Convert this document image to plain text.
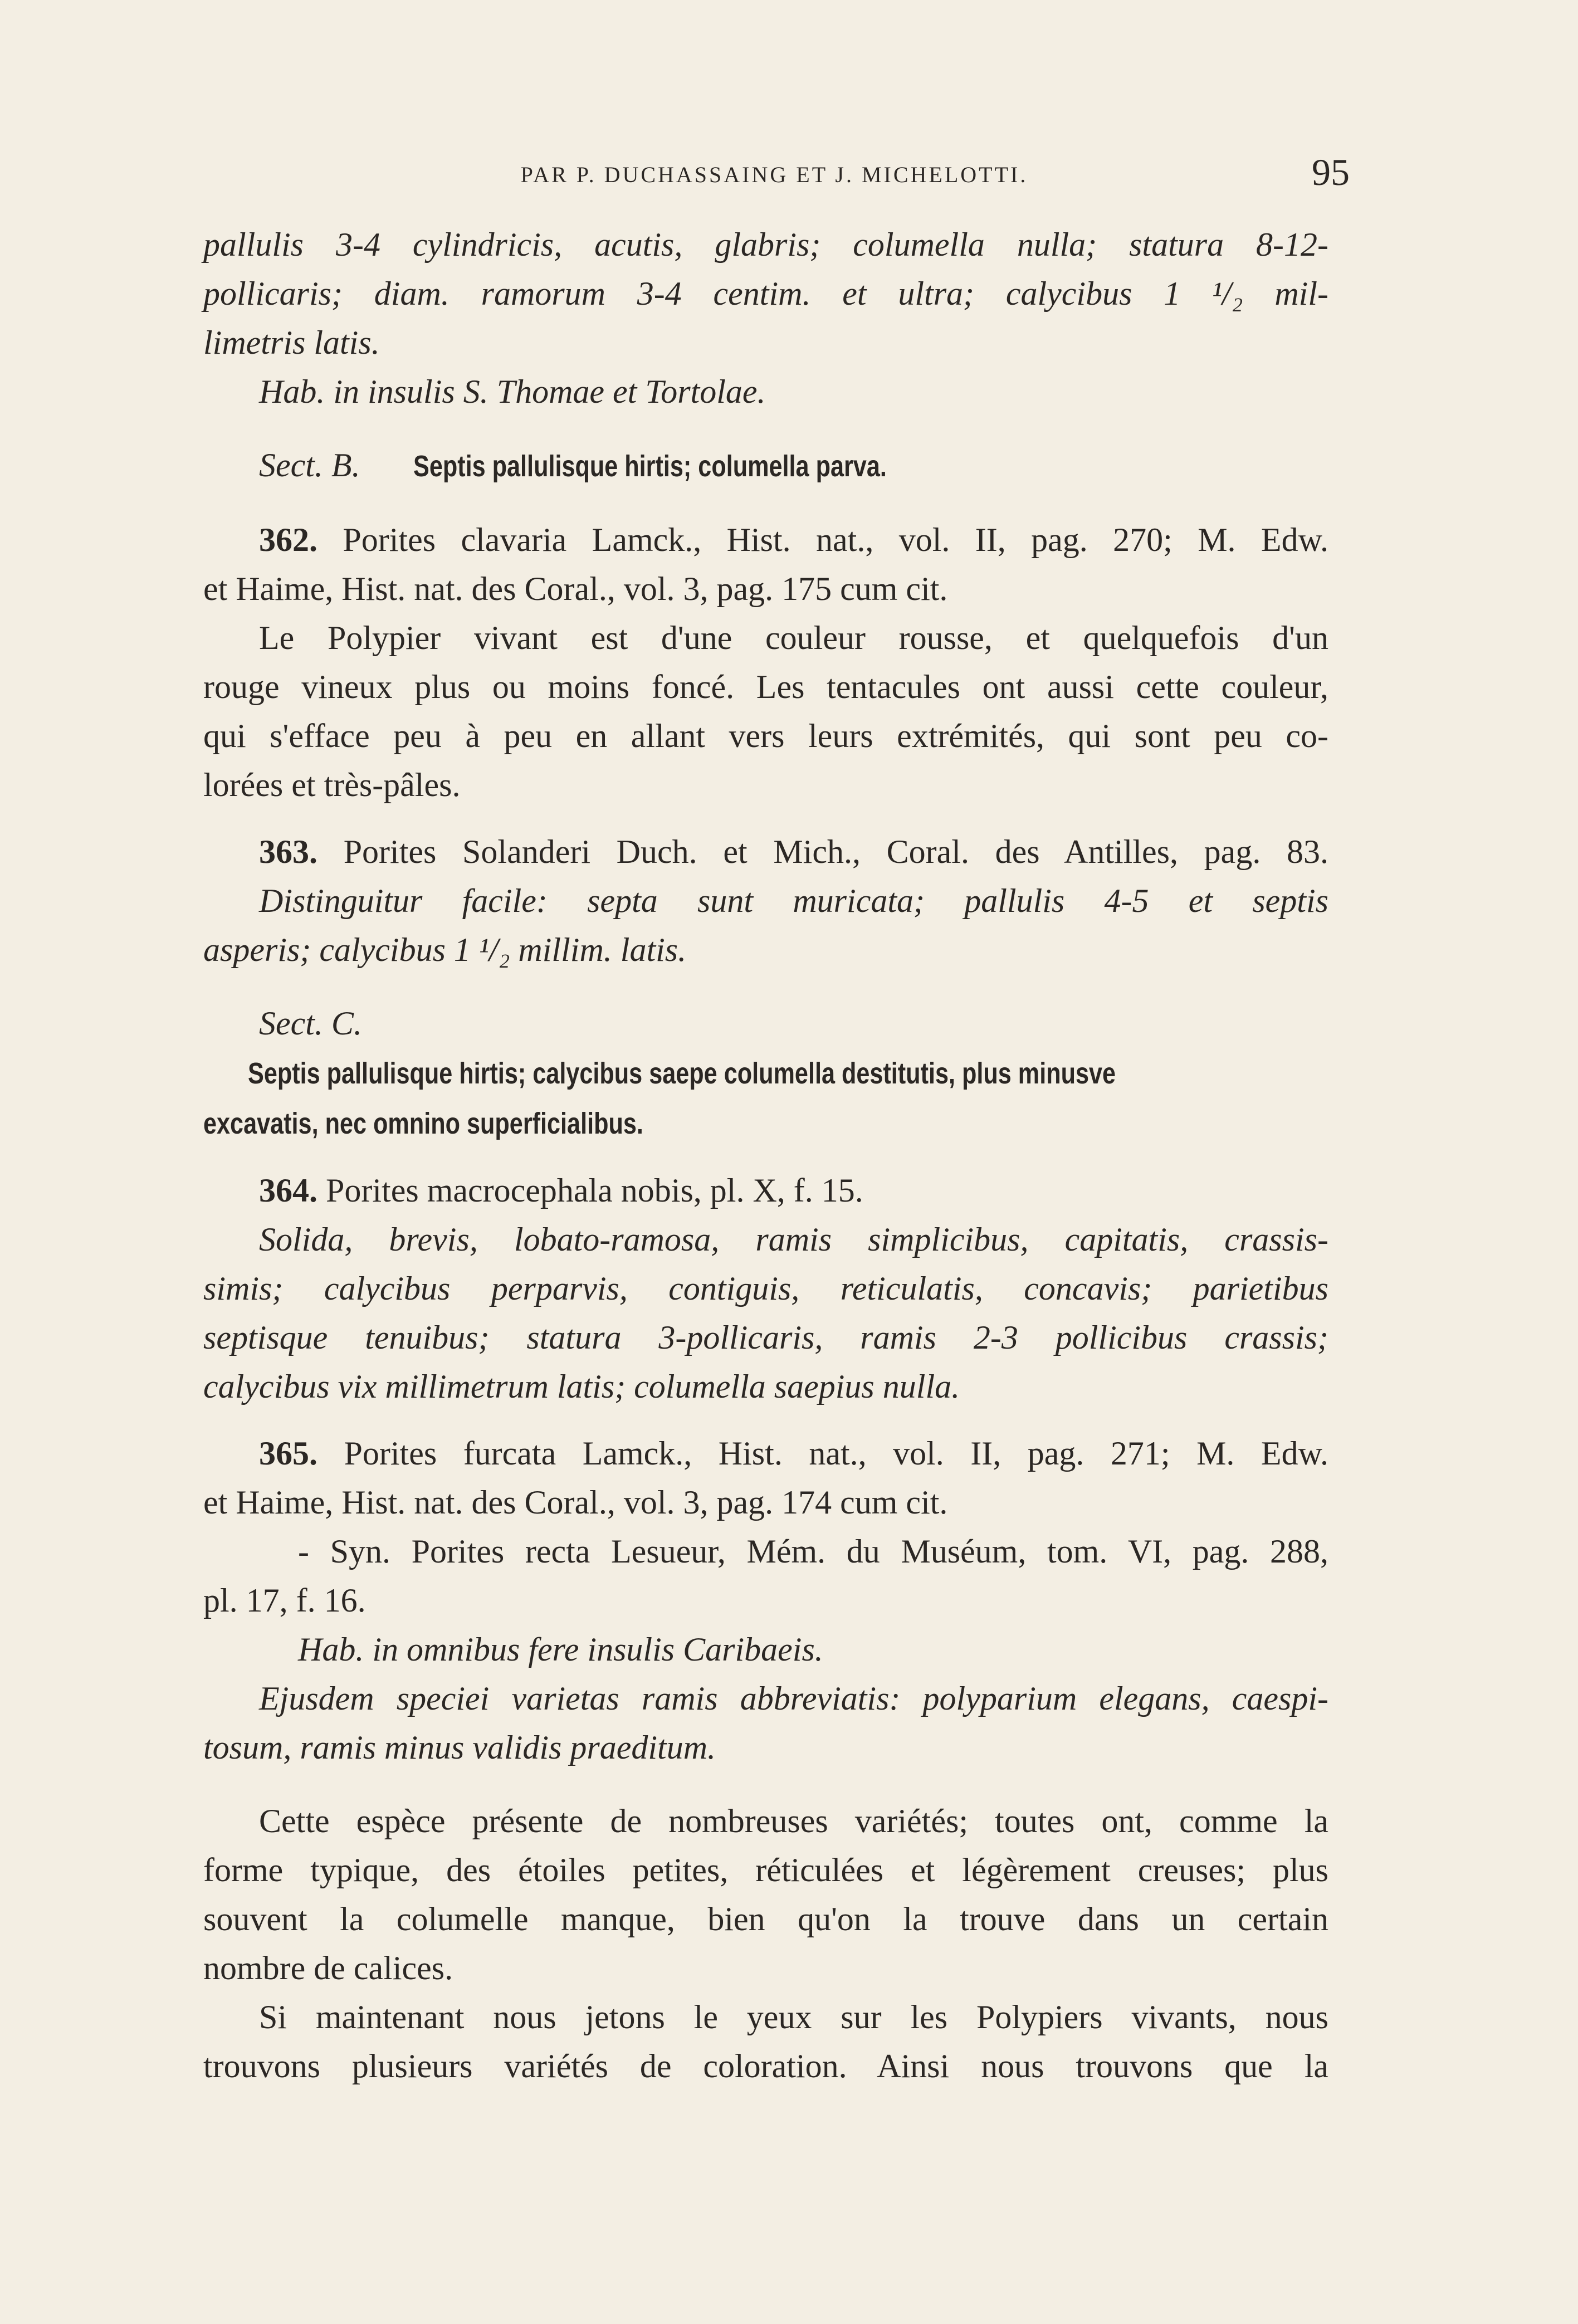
PAR P. DUCHASSAING ET J. MICHELOTTI.	95

pallulis 3-4 cylindricis, acutis, glabris; columella nulla; statura 8-12-

pollicaris; diam. ramorum 3-4 centim. et ultra; calycibus 1 ¹/₂ mil-

limetris latis.

Hab. in insulis S. Thomae et Tortolae.

Sect. B. Septis pallulisque hirtis; columella parva.

362. Porites clavaria Lamck., Hist. nat., vol. II, pag. 270; M. Edw.

et Haime, Hist. nat. des Coral., vol. 3, pag. 175 cum cit.

Le Polypier vivant est d'une couleur rousse, et quelquefois d'un

rouge vineux plus ou moins foncé. Les tentacules ont aussi cette couleur,

qui s'efface peu à peu en allant vers leurs extrémités, qui sont peu co-

lorées et très-pâles.

363. Porites Solanderi Duch. et Mich., Coral. des Antilles, pag. 83.

Distinguitur facile: septa sunt muricata; pallulis 4-5 et septis

asperis; calycibus 1 ¹/₂ millim. latis.

Sect. C. Septis pallulisque hirtis; calycibus saepe columella destitutis, plus minusve

excavatis, nec omnino superficialibus.

364. Porites macrocephala nobis, pl. X, f. 15.

Solida, brevis, lobato-ramosa, ramis simplicibus, capitatis, crassis-

simis; calycibus perparvis, contiguis, reticulatis, concavis; parietibus

septisque tenuibus; statura 3-pollicaris, ramis 2-3 pollicibus crassis;

calycibus vix millimetrum latis; columella saepius nulla.

365. Porites furcata Lamck., Hist. nat., vol. II, pag. 271; M. Edw.

et Haime, Hist. nat. des Coral., vol. 3, pag. 174 cum cit.

- Syn. Porites recta Lesueur, Mém. du Muséum, tom. VI, pag. 288,

pl. 17, f. 16.

Hab. in omnibus fere insulis Caribaeis.

Ejusdem speciei varietas ramis abbreviatis: polyparium elegans, caespi-

tosum, ramis minus validis praeditum.

Cette espèce présente de nombreuses variétés; toutes ont, comme la

forme typique, des étoiles petites, réticulées et légèrement creuses; plus

souvent la columelle manque, bien qu'on la trouve dans un certain

nombre de calices.

Si maintenant nous jetons le yeux sur les Polypiers vivants, nous

trouvons plusieurs variétés de coloration. Ainsi nous trouvons que la
